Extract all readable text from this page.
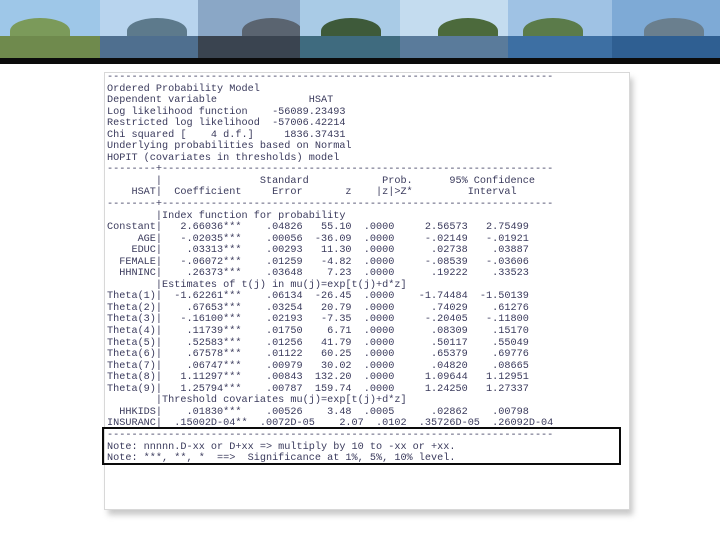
-------------------------------------------------------------------------
Ordered Probability Model
Dependent variable               HSAT
Log likelihood function    -56089.23493
Restricted log likelihood  -57006.42214
Chi squared [    4 d.f.]     1836.37431
Underlying probabilities based on Normal
HOPIT (covariates in thresholds) model
--------+----------------------------------------------------------------
|                Standard            Prob.      95% Confidence
HSAT|  Coefficient     Error       z    |z|>Z*         Interval
--------+----------------------------------------------------------------
|Index function for probability
Constant|   2.66036***    .04826   55.10  .0000     2.56573   2.75499
AGE|   -.02035***    .00056  -36.09  .0000     -.02149   -.01921
EDUC|    .03313***    .00293   11.30  .0000      .02738    .03887
FEMALE|   -.06072***    .01259   -4.82  .0000     -.08539   -.03606
HHNINC|    .26373***    .03648    7.23  .0000      .19222    .33523
|Estimates of t(j) in mu(j)=exp[t(j)+d*z]
Theta(1)|  -1.62261***    .06134  -26.45  .0000    -1.74484  -1.50139
Theta(2)|    .67653***    .03254   20.79  .0000      .74029    .61276
Theta(3)|   -.16100***    .02193   -7.35  .0000     -.20405   -.11800
Theta(4)|    .11739***    .01750    6.71  .0000      .08309    .15170
Theta(5)|    .52583***    .01256   41.79  .0000      .50117    .55049
Theta(6)|    .67578***    .01122   60.25  .0000      .65379    .69776
Theta(7)|    .06747***    .00979   30.02  .0000      .04820    .08665
Theta(8)|   1.11297***    .00843  132.20  .0000     1.09644   1.12951
Theta(9)|   1.25794***    .00787  159.74  .0000     1.24250   1.27337
|Threshold covariates mu(j)=exp[t(j)+d*z]
HHKIDS|    .01830***    .00526    3.48  .0005      .02862    .00798
INSURANC|  .15002D-04**  .0072D-05    2.07  .0102  .35726D-05  .26092D-04
-------------------------------------------------------------------------
Note: nnnnn.D-xx or D+xx => multiply by 10 to -xx or +xx.
Note: ***, **, *  ==>  Significance at 1%, 5%, 10% level.
